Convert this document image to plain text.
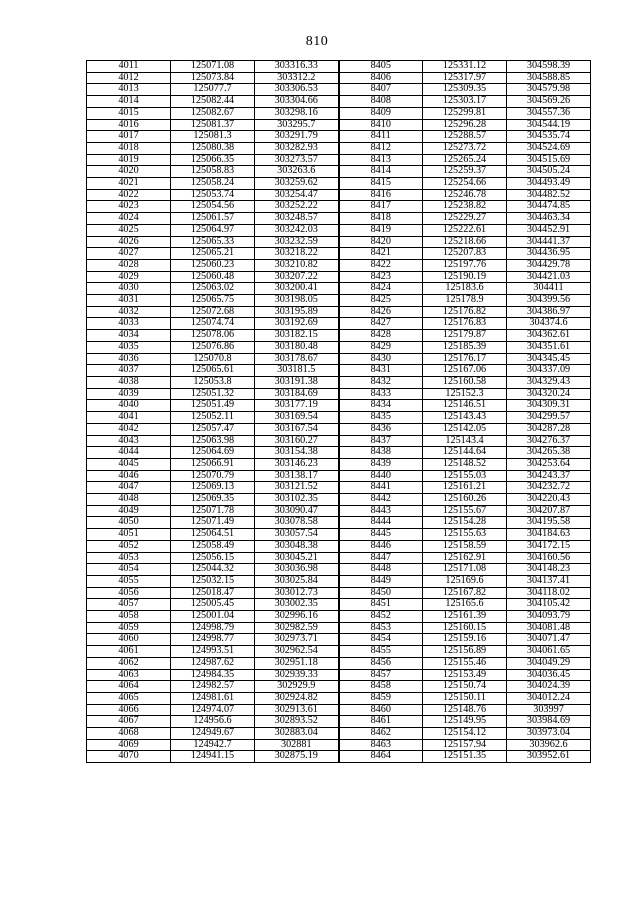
810
4011	125071.08	303316.33	8405	125331.12	304598.39
4012	125073.84	303312.2	8406	125317.97	304588.85
4013	125077.7	303306.53	8407	125309.35	304579.98
4014	125082.44	303304.66	8408	125303.17	304569.26
4015	125082.67	303298.16	8409	125299.81	304557.36
4016	125081.37	303295.7	8410	125296.28	304544.19
4017	125081.3	303291.79	8411	125288.57	304535.74
4018	125080.38	303282.93	8412	125273.72	304524.69
4019	125066.35	303273.57	8413	125265.24	304515.69
4020	125058.83	303263.6	8414	125259.37	304505.24
4021	125058.24	303259.62	8415	125254.66	304493.49
4022	125053.74	303254.47	8416	125246.78	304482.52
4023	125054.56	303252.22	8417	125238.82	304474.85
4024	125061.57	303248.57	8418	125229.27	304463.34
4025	125064.97	303242.03	8419	125222.61	304452.91
4026	125065.33	303232.59	8420	125218.66	304441.37
4027	125065.21	303218.22	8421	125207.83	304436.95
4028	125060.23	303210.82	8422	125197.76	304429.78
4029	125060.48	303207.22	8423	125190.19	304421.03
4030	125063.02	303200.41	8424	125183.6	304411
4031	125065.75	303198.05	8425	125178.9	304399.56
4032	125072.68	303195.89	8426	125176.82	304386.97
4033	125074.74	303192.69	8427	125176.83	304374.6
4034	125078.06	303182.15	8428	125179.87	304362.61
4035	125076.86	303180.48	8429	125185.39	304351.61
4036	125070.8	303178.67	8430	125176.17	304345.45
4037	125065.61	303181.5	8431	125167.06	304337.09
4038	125053.8	303191.38	8432	125160.58	304329.43
4039	125051.32	303184.69	8433	125152.3	304320.24
4040	125051.49	303177.19	8434	125146.51	304309.31
4041	125052.11	303169.54	8435	125143.43	304299.57
4042	125057.47	303167.54	8436	125142.05	304287.28
4043	125063.98	303160.27	8437	125143.4	304276.37
4044	125064.69	303154.38	8438	125144.64	304265.38
4045	125066.91	303146.23	8439	125148.52	304253.64
4046	125070.79	303138.17	8440	125155.03	304243.37
4047	125069.13	303121.52	8441	125161.21	304232.72
4048	125069.35	303102.35	8442	125160.26	304220.43
4049	125071.78	303090.47	8443	125155.67	304207.87
4050	125071.49	303078.58	8444	125154.28	304195.58
4051	125064.51	303057.54	8445	125155.63	304184.63
4052	125058.49	303048.38	8446	125158.59	304172.15
4053	125056.15	303045.21	8447	125162.91	304160.56
4054	125044.32	303036.98	8448	125171.08	304148.23
4055	125032.15	303025.84	8449	125169.6	304137.41
4056	125018.47	303012.73	8450	125167.82	304118.02
4057	125005.45	303002.35	8451	125165.6	304105.42
4058	125001.04	302996.16	8452	125161.39	304093.79
4059	124998.79	302982.59	8453	125160.15	304081.48
4060	124998.77	302973.71	8454	125159.16	304071.47
4061	124993.51	302962.54	8455	125156.89	304061.65
4062	124987.62	302951.18	8456	125155.46	304049.29
4063	124984.35	302939.33	8457	125153.49	304036.45
4064	124982.57	302929.9	8458	125150.74	304024.39
4065	124981.61	302924.82	8459	125150.11	304012.24
4066	124974.07	302913.61	8460	125148.76	303997
4067	124956.6	302893.52	8461	125149.95	303984.69
4068	124949.67	302883.04	8462	125154.12	303973.04
4069	124942.7	302881	8463	125157.94	303962.6
4070	124941.15	302875.19	8464	125151.35	303952.61
